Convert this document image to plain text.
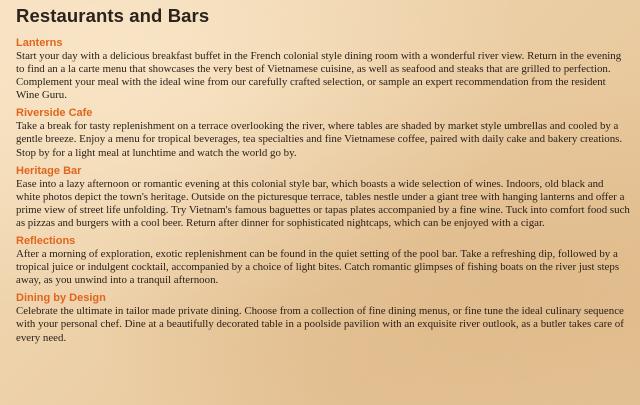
Restaurants and Bars
Lanterns

Start your day with a delicious breakfast buffet in the French colonial style dining room with a wonderful river view. Return in the evening to find an a la carte menu that showcases the very best of Vietnamese cuisine, as well as seafood and steaks that are grilled to perfection. Complement your meal with the ideal wine from our carefully crafted selection, or sample an expert recommendation from the resident Wine Guru.

Riverside Cafe

Take a break for tasty replenishment on a terrace overlooking the river, where tables are shaded by market style umbrellas and cooled by a gentle breeze. Enjoy a menu for tropical beverages, tea specialties and fine Vietnamese coffee, paired with daily cake and bakery creations. Stop by for a light meal at lunchtime and watch the world go by.

Heritage Bar

Ease into a lazy afternoon or romantic evening at this colonial style bar, which boasts a wide selection of wines. Indoors, old black and white photos depict the town's heritage. Outside on the picturesque terrace, tables nestle under a giant tree with hanging lanterns and offer a prime view of street life unfolding. Try Vietnam's famous baguettes or tapas plates accompanied by a fine wine. Tuck into comfort food such as pizzas and burgers with a cool beer. Return after dinner for sophisticated nightcaps, which can be enjoyed with a cigar.

Reflections

After a morning of exploration, exotic replenishment can be found in the quiet setting of the pool bar. Take a refreshing dip, followed by a tropical juice or indulgent cocktail, accompanied by a choice of light bites. Catch romantic glimpses of fishing boats on the river just steps away, as you unwind into a tranquil afternoon.

Dining by Design

Celebrate the ultimate in tailor made private dining. Choose from a collection of fine dining menus, or fine tune the ideal culinary sequence with your personal chef. Dine at a beautifully decorated table in a poolside pavilion with an exquisite river outlook, as a butler takes care of every need.
